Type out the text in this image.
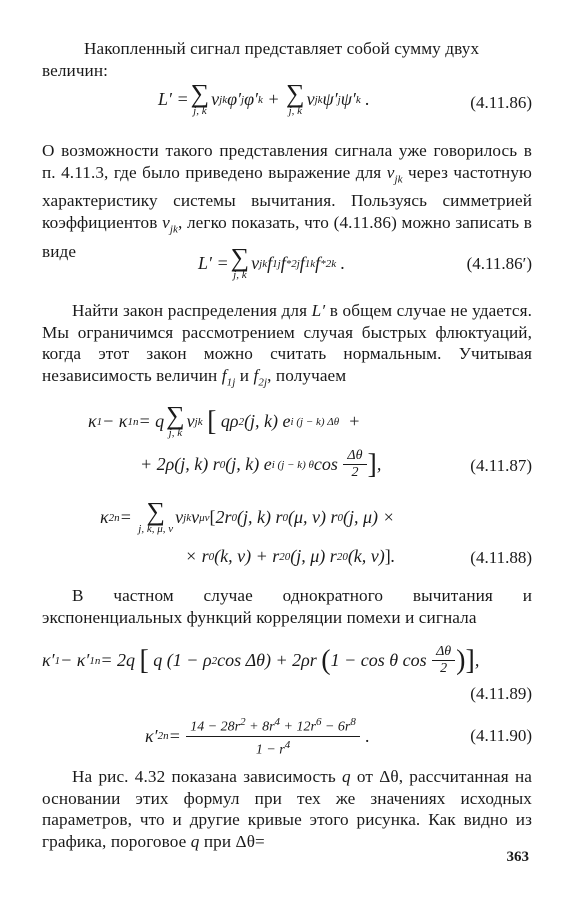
Накопленный сигнал представляет собой сумму двух
величин:
L′ = ∑
j, k
v jk φ′ j φ′ k + ∑
j, k
v jk ψ′ j ψ′ k .	(4.11.86)
О возможности такого представления сигнала уже говорилось в п. 4.11.3, где было приведено выражение для $v_{jk}$ через частотную характеристику системы вычитания. Пользуясь симметрией коэффициентов $v_{jk}$, легко показать, что (4.11.86) можно записать в виде
L′ = ∑
j, k
v jk f 1j f * 2j f 1k f * 2k .	(4.11.86′)
Найти закон распределения для L′ в общем случае не удается. Мы ограничимся рассмотрением случая быстрых флюктуаций, когда этот закон можно считать нормальным. Учитывая независимость величин $f_{1j}$ и $f_{2j}$, получаем
κ 1 − κ 1п = q ∑
j, k
v jk
[ qρ 2 (j, k) e i (j − k) Δθ +
+ 2ρ(j, k) r 0 (j, k) e i (j − k) θ $\cos \frac{\Delta\theta}{2}$ ] ,	(4.11.87)
κ 2п = ∑
j, k, μ, ν
v jk v μν [ 2r 0 (j, k) r 0 (μ, ν) r 0 (j, μ) ×
× r 0 (k, ν) + r 2 0 (j, μ) r 2 0 (k, ν) ] .	(4.11.88)
В частном случае однократного вычитания и экспоненциальных функций корреляции помехи и сигнала
κ′ 1 − κ′ 1п = 2q [ q (1 − ρ 2 cos Δθ) + 2ρr ( 1 − cos θ $\cos \frac{\Delta\theta}{2}$ ) ] ,
(4.11.89)
κ′ $2п = \frac{14 - 28r^2 + 8r^4 + 12r^6 - 6r^8}{1 - r^4}$ .	(4.11.90)
На рис. 4.32 показана зависимость q от Δθ, рассчитанная на основании этих формул при тех же значениях исходных параметров, что и другие кривые этого рисунка. Как видно из графика, пороговое q при Δθ=
363
